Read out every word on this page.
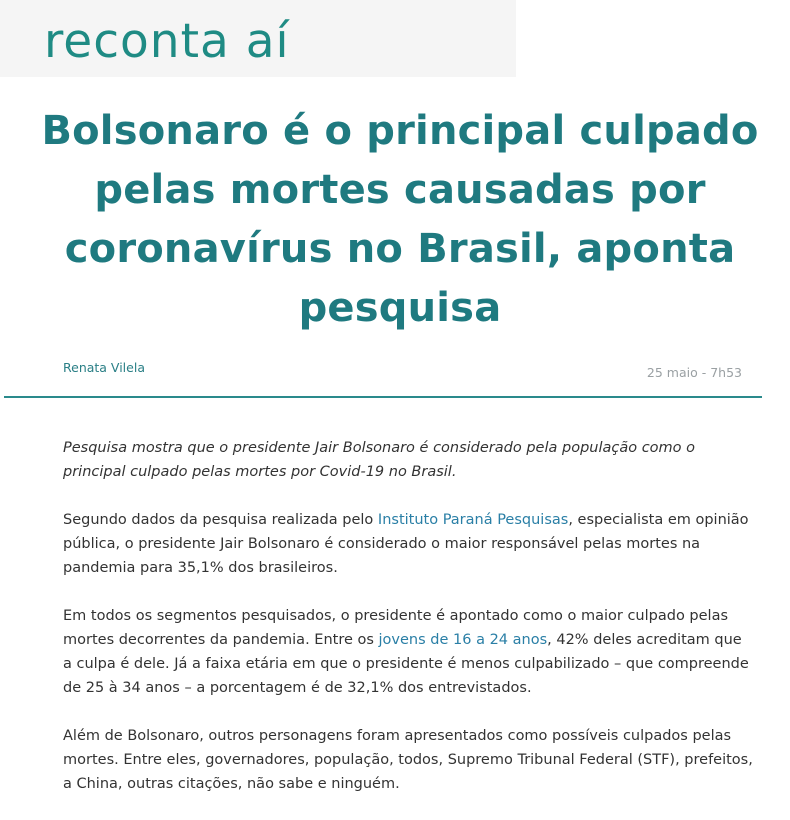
reconta aí
Bolsonaro é o principal culpado pelas mortes causadas por coronavírus no Brasil, aponta pesquisa
Renata Vilela	25 maio - 7h53

Pesquisa mostra que o presidente Jair Bolsonaro é considerado pela população como o principal culpado pelas mortes por Covid-19 no Brasil.

Segundo dados da pesquisa realizada pelo Instituto Paraná Pesquisas, especialista em opinião pública, o presidente Jair Bolsonaro é considerado o maior responsável pelas mortes na pandemia para 35,1% dos brasileiros.

Em todos os segmentos pesquisados, o presidente é apontado como o maior culpado pelas mortes decorrentes da pandemia. Entre os jovens de 16 a 24 anos, 42% deles acreditam que a culpa é dele. Já a faixa etária em que o presidente é menos culpabilizado – que compreende de 25 à 34 anos – a porcentagem é de 32,1% dos entrevistados.

Além de Bolsonaro, outros personagens foram apresentados como possíveis culpados pelas mortes. Entre eles, governadores, população, todos, Supremo Tribunal Federal (STF), prefeitos, a China, outras citações, não sabe e ninguém.
